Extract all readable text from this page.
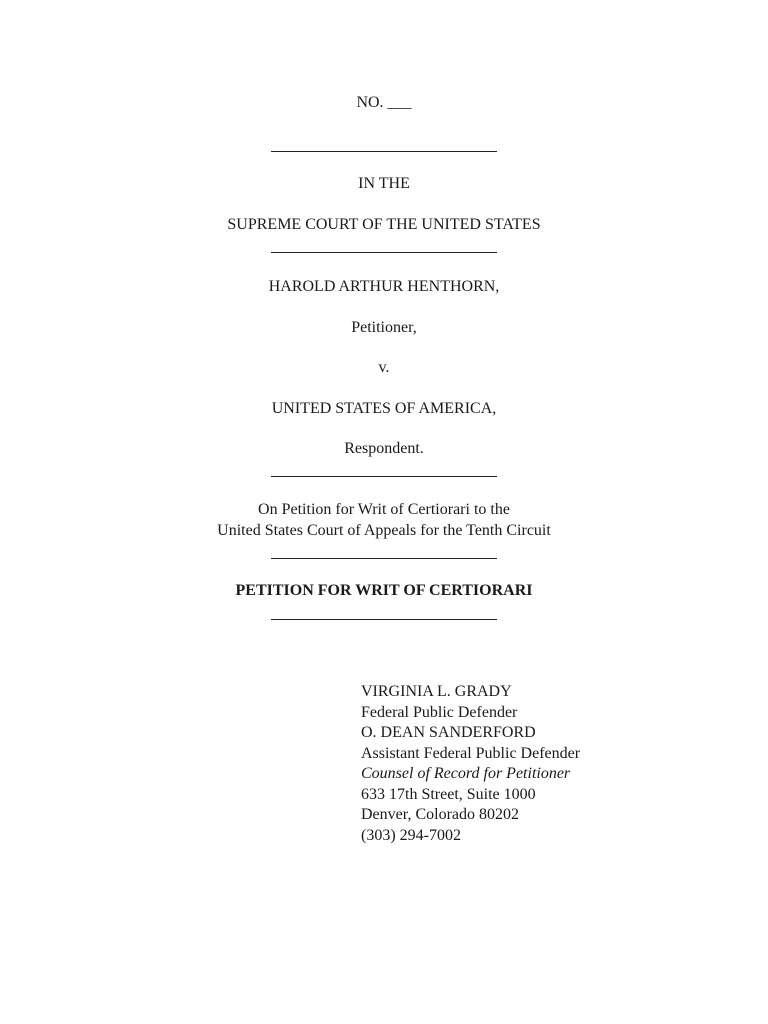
NO. ___
IN THE
SUPREME COURT OF THE UNITED STATES
HAROLD ARTHUR HENTHORN,
Petitioner,
v.
UNITED STATES OF AMERICA,
Respondent.
On Petition for Writ of Certiorari to the
United States Court of Appeals for the Tenth Circuit
PETITION FOR WRIT OF CERTIORARI
VIRGINIA L. GRADY
Federal Public Defender
O. DEAN SANDERFORD
Assistant Federal Public Defender
Counsel of Record for Petitioner
633 17th Street, Suite 1000
Denver, Colorado 80202
(303) 294-7002
